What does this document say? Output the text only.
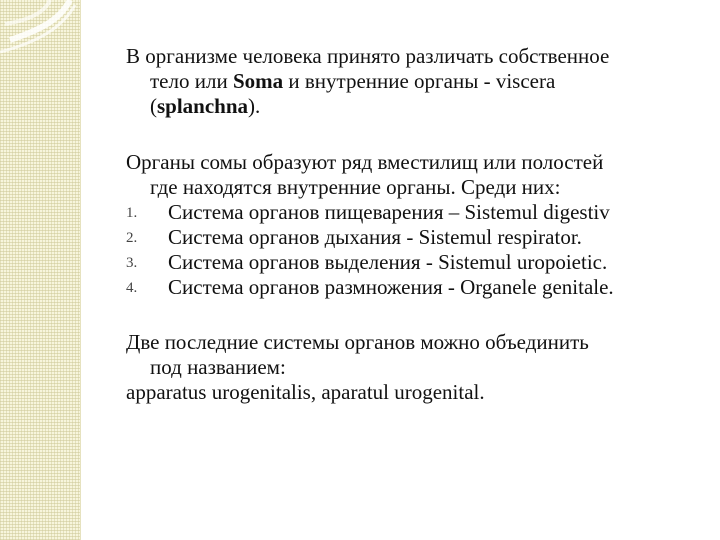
В организме человека принято различать собственное
тело или Soma и внутренние органы - viscera
(splanchna).

Органы сомы образуют ряд вместилищ или полостей
где находятся внутренние органы. Среди них:

1. Система органов пищеварения – Sistemul digestiv
2. Система органов дыхания - Sistemul respirator.
3. Система органов выделения - Sistemul uropoietic.
4. Система органов размножения - Organele genitale.

Две последние системы органов можно объединить
под названием:
apparatus urogenitalis, aparatul urogenital.
